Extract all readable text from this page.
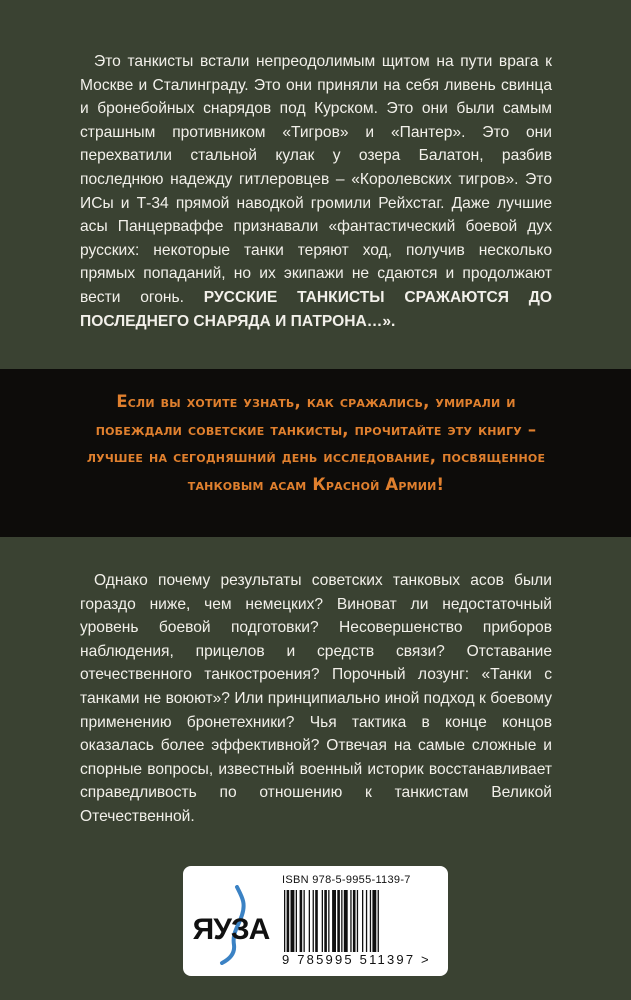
Это танкисты встали непреодолимым щитом на пути врага к Москве и Сталинграду. Это они приняли на себя ливень свинца и бронебойных снарядов под Курском. Это они были самым страшным противником «Тигров» и «Пантер». Это они перехватили стальной кулак у озера Балатон, разбив последнюю надежду гитлеровцев – «Королевских тигров». Это ИСы и Т-34 прямой наводкой громили Рейхстаг. Даже лучшие асы Панцерваффе признавали «фантастический боевой дух русских: некоторые танки теряют ход, получив несколько прямых попаданий, но их экипажи не сдаются и продолжают вести огонь. РУССКИЕ ТАНКИСТЫ СРАЖАЮТСЯ ДО ПОСЛЕДНЕГО СНАРЯДА И ПАТРОНА…».
Если вы хотите узнать, как сражались, умирали и побеждали советские танкисты, прочитайте эту книгу – лучшее на сегодняшний день исследование, посвященное танковым асам Красной Армии!
Однако почему результаты советских танковых асов были гораздо ниже, чем немецких? Виноват ли недостаточный уровень боевой подготовки? Несовершенство приборов наблюдения, прицелов и средств связи? Отставание отечественного танкостроения? Порочный лозунг: «Танки с танками не воюют»? Или принципиально иной подход к боевому применению бронетехники? Чья тактика в конце концов оказалась более эффективной? Отвечая на самые сложные и спорные вопросы, известный военный историк восстанавливает справедливость по отношению к танкистам Великой Отечественной.
ЯУЗА
ISBN 978-5-9955-1139-7
9 785995 511397 >
